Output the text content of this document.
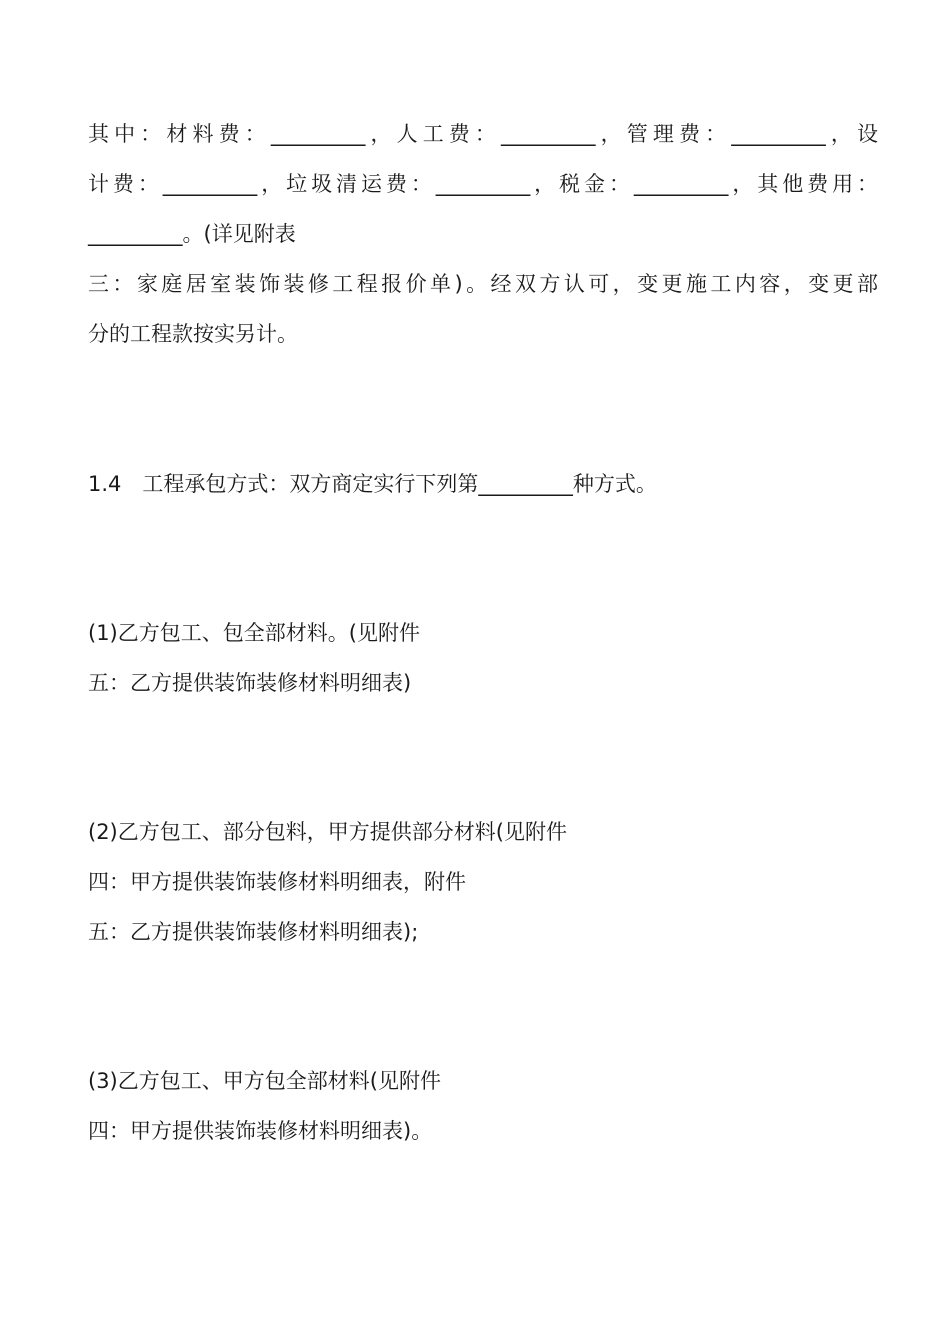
其中：材料费：_________，人工费：_________，管理费：_________，设
计费：_________，垃圾清运费：_________，税金：_________，其他费用：
_________。(详见附表
三：家庭居室装饰装修工程报价单)。经双方认可，变更施工内容，变更部
分的工程款按实另计。
1.4　工程承包方式：双方商定实行下列第_________种方式。
(1)乙方包工、包全部材料。(见附件
五：乙方提供装饰装修材料明细表)
(2)乙方包工、部分包料，甲方提供部分材料(见附件
四：甲方提供装饰装修材料明细表，附件
五：乙方提供装饰装修材料明细表);
(3)乙方包工、甲方包全部材料(见附件
四：甲方提供装饰装修材料明细表)。
